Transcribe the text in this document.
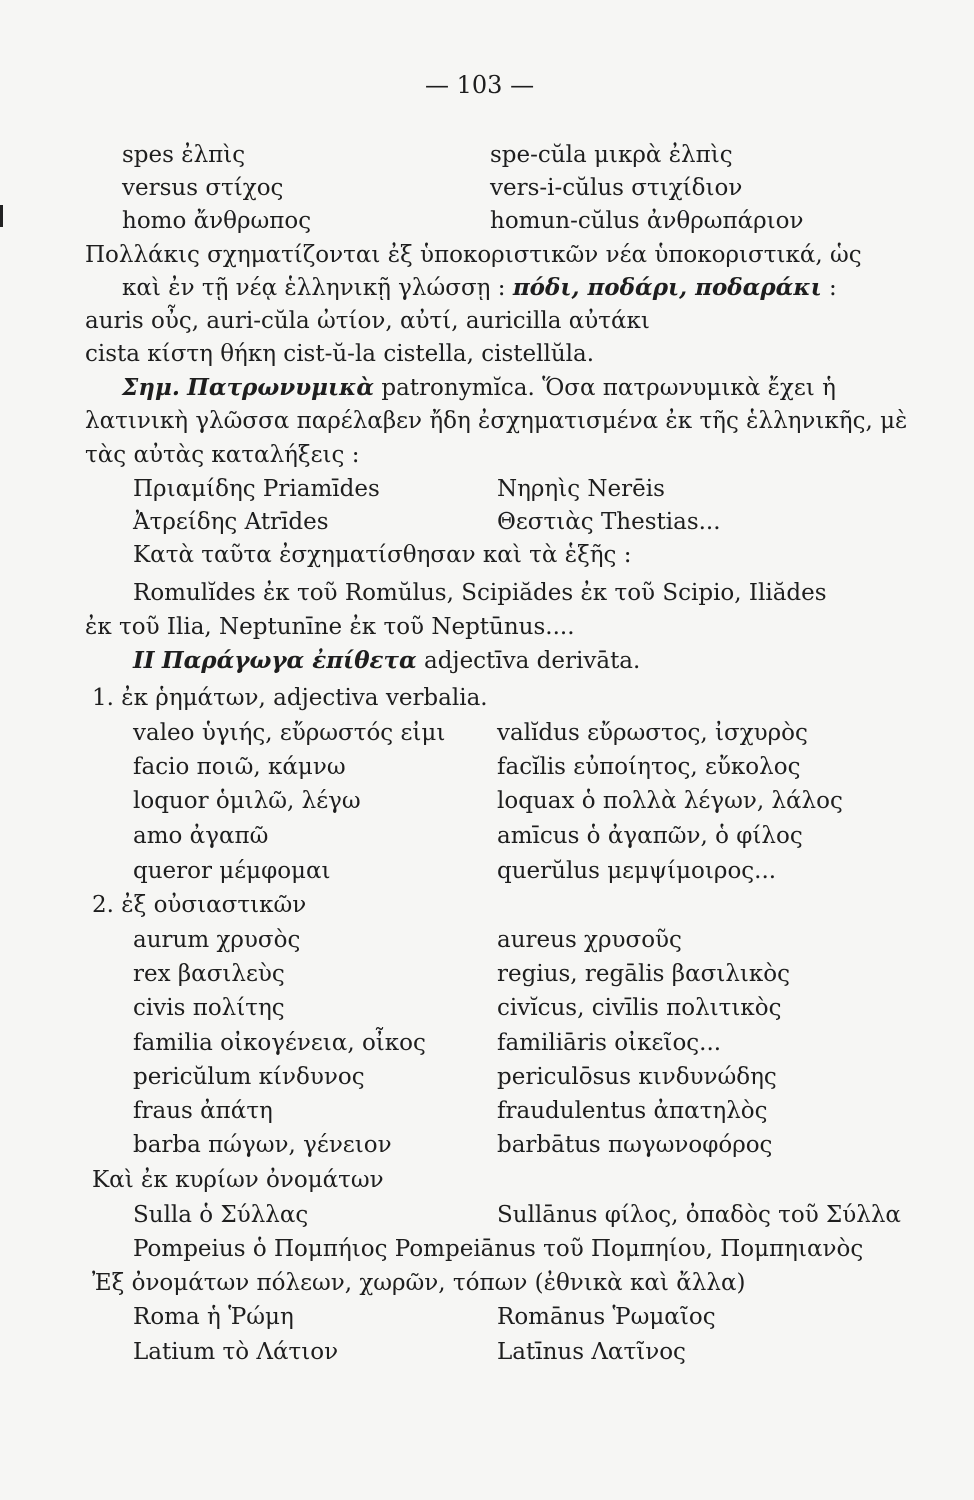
— 103 —
spes ἐλπὶς	spe-cŭla μικρὰ ἐλπὶς
versus στίχος	vers-i-cŭlus στιχίδιον
homo ἄνθρωπος	homun-cŭlus ἀνθρωπάριον
Πολλάκις σχηματίζονται ἐξ ὑποκοριστικῶν νέα ὑποκοριστικά, ὡς
καὶ ἐν τῇ νέᾳ ἑλληνικῇ γλώσσῃ : πόδι, ποδάρι, ποδαράκι :
auris οὖς, auri-cŭla ὠτίον, αὐτί, auricilla αὐτάκι
cista κίστη θήκη cist-ŭ-la cistella, cistellŭla.
Σημ. Πατρωνυμικὰ patronymĭca. Ὅσα πατρωνυμικὰ ἔχει ἡ
λατινικὴ γλῶσσα παρέλαβεν ἤδη ἐσχηματισμένα ἐκ τῆς ἑλληνικῆς, μὲ
τὰς αὐτὰς καταλήξεις :
Πριαμίδης Priamīdes	Νηρηὶς Nerēis
Ἀτρείδης Atrīdes	Θεστιὰς Thestias...
Κατὰ ταῦτα ἐσχηματίσθησαν καὶ τὰ ἑξῆς :
Romulĭdes ἐκ τοῦ Romŭlus, Scipiădes ἐκ τοῦ Scipio, Iliădes
ἐκ τοῦ Ilia, Neptunīne ἐκ τοῦ Neptūnus....
II Παράγωγα ἐπίθετα adjectīva derivāta.
1. ἐκ ῥημάτων, adjectiva verbalia.
valeo ὑγιής, εὔρωστός εἰμι valĭdus εὔρωστος, ἰσχυρὸς
facio ποιῶ, κάμνω	facĭlis εὐποίητος, εὔκολος
loquor ὁμιλῶ, λέγω	loquax ὁ πολλὰ λέγων, λάλος
amo ἀγαπῶ	amīcus ὁ ἀγαπῶν, ὁ φίλος
queror μέμφομαι	querŭlus μεμψίμοιρος...
2. ἐξ οὐσιαστικῶν
aurum χρυσὸς	aureus χρυσοῦς
rex βασιλεὺς	regius, regālis βασιλικὸς
civis πολίτης	civĭcus, civīlis πολιτικὸς
familia οἰκογένεια, οἶκος	familiāris οἰκεῖος...
pericŭlum κίνδυνος	periculōsus κινδυνώδης
fraus ἀπάτη	fraudulentus ἀπατηλὸς
barba πώγων, γένειον	barbātus πωγωνοφόρος
Καὶ ἐκ κυρίων ὀνομάτων
Sulla ὁ Σύλλας	Sullānus φίλος, ὀπαδὸς τοῦ Σύλλα
Pompeius ὁ Πομπήιος Pompeiānus τοῦ Πομπηίου, Πομπηιανὸς
Ἐξ ὀνομάτων πόλεων, χωρῶν, τόπων (ἐθνικὰ καὶ ἄλλα)
Roma ἡ Ῥώμη	Romānus Ῥωμαῖος
Latium τὸ Λάτιον	Latīnus Λατῖνος
